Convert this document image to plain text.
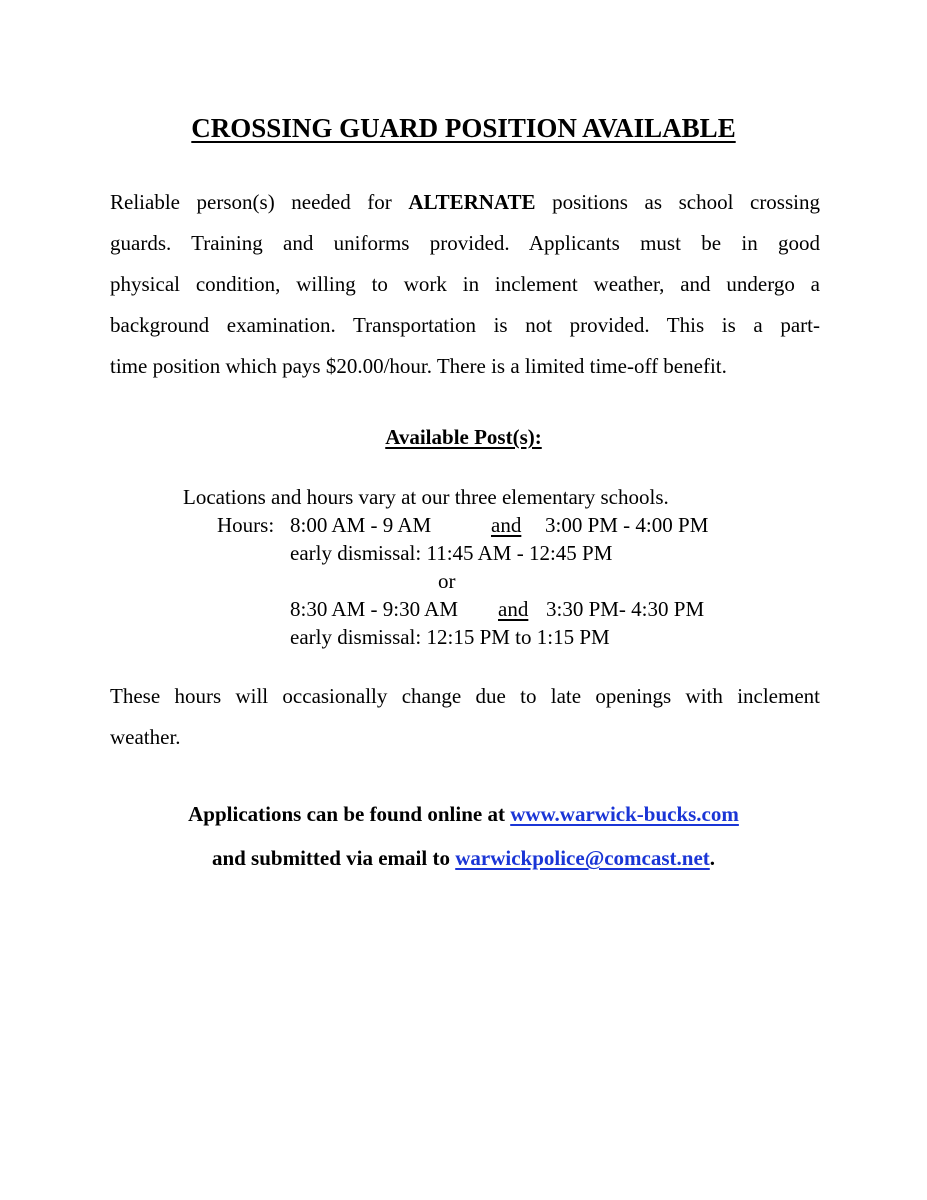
CROSSING GUARD POSITION AVAILABLE
Reliable person(s) needed for ALTERNATE positions as school crossing
guards. Training and uniforms provided. Applicants must be in good
physical condition, willing to work in inclement weather, and undergo a
background examination. Transportation is not provided. This is a part-
time position which pays $20.00/hour. There is a limited time-off benefit.
Available Post(s):
Locations and hours vary at our three elementary schools.
Hours: 8:00 AM - 9 AM	and 3:00 PM - 4:00 PM
early dismissal: 11:45 AM - 12:45 PM
or
8:30 AM - 9:30 AM and 3:30 PM- 4:30 PM
early dismissal: 12:15 PM to 1:15 PM
These hours will occasionally change due to late openings with inclement
weather.
Applications can be found online at www.warwick-bucks.com
and submitted via email to warwickpolice@comcast.net.
